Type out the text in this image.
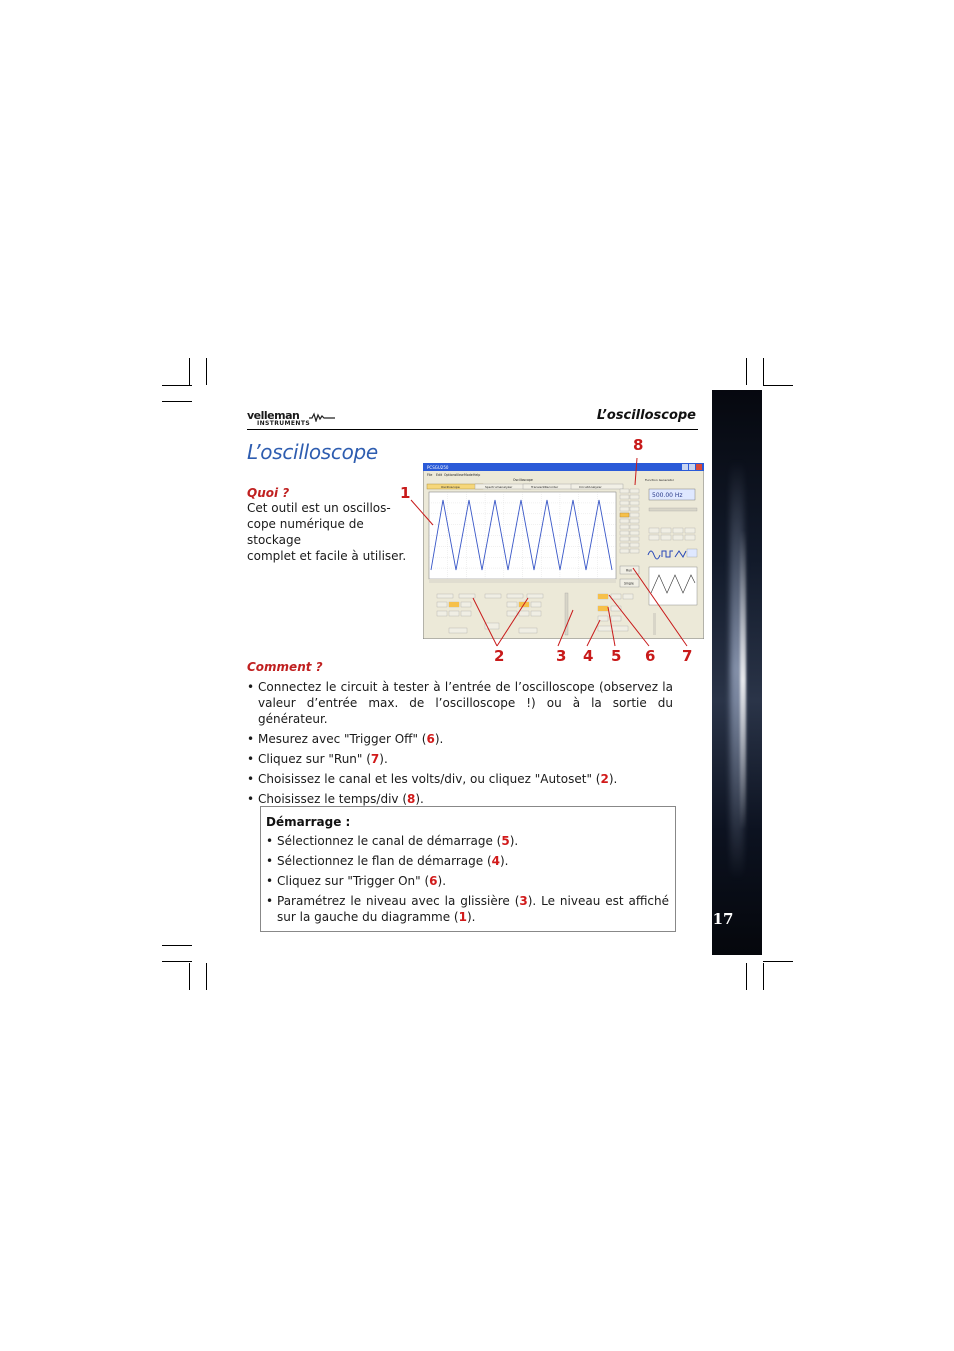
17
velleman
INSTRUMENTS
L’oscilloscope
L’oscilloscope
Quoi ?
Cet outil est un oscillos-
cope numérique de stockage
complet et facile à utiliser.
PCSGU250
File Edit Options View Mode Help
Oscilloscope
Oscilloscope	Spectrumanalyzer	TransientRecorder	CircuitAnalyzer
Run
Single
Function Generator
500.00 Hz
1
2	3 4 5 6 7
8
Comment ?
• Connectez le circuit à tester à l’entrée de l’oscilloscope (observez la valeur d’entrée max. de l’oscilloscope !) ou à la sortie du générateur.
• Mesurez avec "Trigger Off" (6).
• Cliquez sur "Run" (7).
• Choisissez le canal et les volts/div, ou cliquez "Autoset" (2).
• Choisissez le temps/div (8).
Démarrage :
• Sélectionnez le canal de démarrage (5).
• Sélectionnez le flan de démarrage (4).
• Cliquez sur "Trigger On" (6).
• Paramétrez le niveau avec la glissière (3). Le niveau est affiché sur la gauche du diagramme (1).
